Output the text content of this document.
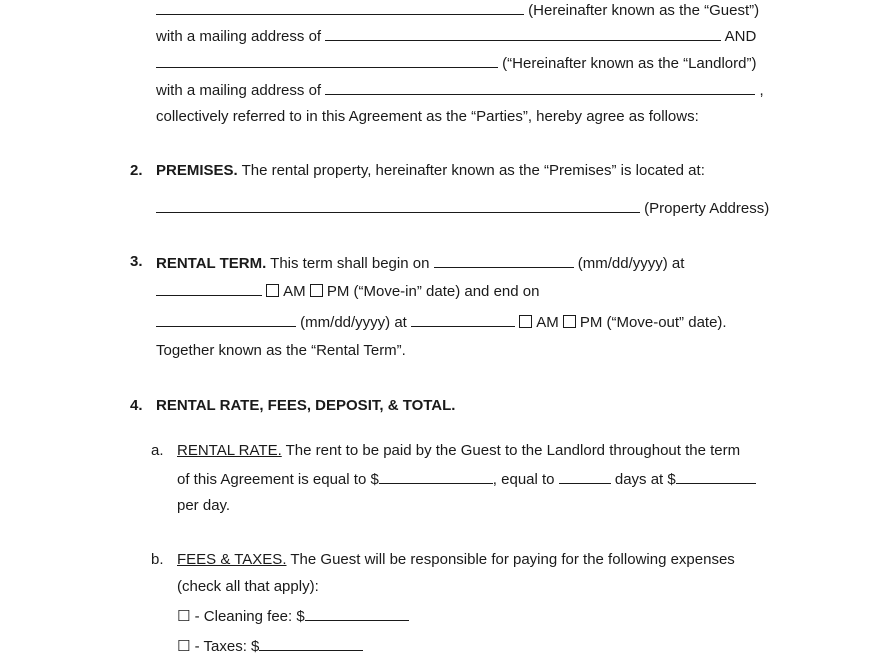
(Hereinafter known as the “Guest”)
with a mailing address of	AND
(“Hereinafter known as the “Landlord”)
with a mailing address of	,
collectively referred to in this Agreement as the “Parties”, hereby agree as follows:
2. PREMISES. The rental property, hereinafter known as the “Premises” is located at:
(Property Address)
3. RENTAL TERM. This term shall begin on	(mm/dd/yyyy) at
AM PM (“Move-in” date) and end on
(mm/dd/yyyy) at	AM PM (“Move-out” date).
Together known as the “Rental Term”.
4. RENTAL RATE, FEES, DEPOSIT, & TOTAL.
a. RENTAL RATE. The rent to be paid by the Guest to the Landlord throughout the term
of this Agreement is equal to $	, equal to	days at $
per day.
b. FEES & TAXES. The Guest will be responsible for paying for the following expenses
(check all that apply):
☐ - Cleaning fee: $
☐ - Taxes: $
